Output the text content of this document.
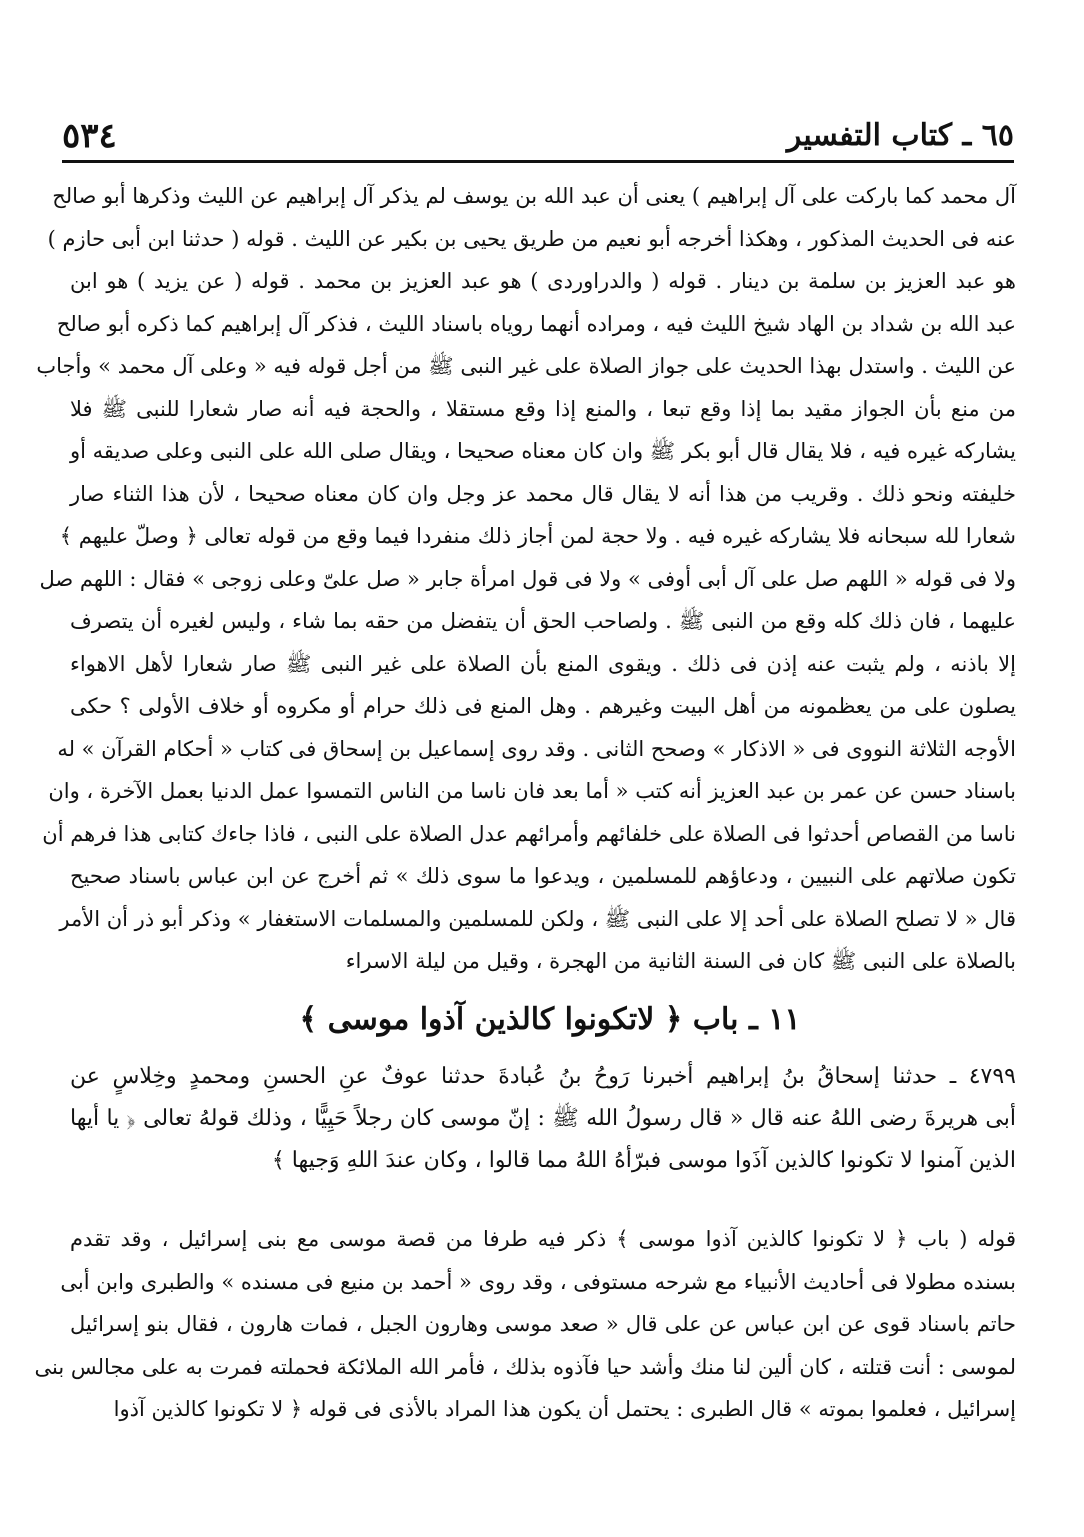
٥٣٤	٦٥ ـ كتاب التفسير
آل محمد كما باركت على آل إبراهيم ) يعنى أن عبد الله بن يوسف لم يذكر آل إبراهيم عن الليث وذكرها أبو صالح
عنه فى الحديث المذكور ، وهكذا أخرجه أبو نعيم من طريق يحيى بن بكير عن الليث . قوله ( حدثنا ابن أبى حازم )
هو عبد العزيز بن سلمة بن دينار . قوله ( والدراوردى ) هو عبد العزيز بن محمد . قوله ( عن يزيد ) هو ابن
عبد الله بن شداد بن الهاد شيخ الليث فيه ، ومراده أنهما روياه باسناد الليث ، فذكر آل إبراهيم كما ذكره أبو صالح
عن الليث . واستدل بهذا الحديث على جواز الصلاة على غير النبى ﷺ من أجل قوله فيه « وعلى آل محمد » وأجاب
من منع بأن الجواز مقيد بما إذا وقع تبعا ، والمنع إذا وقع مستقلا ، والحجة فيه أنه صار شعارا للنبى ﷺ فلا
يشاركه غيره فيه ، فلا يقال قال أبو بكر ﷺ وان كان معناه صحيحا ، ويقال صلى الله على النبى وعلى صديقه أو
خليفته ونحو ذلك . وقريب من هذا أنه لا يقال قال محمد عز وجل وان كان معناه صحيحا ، لأن هذا الثناء صار
شعارا لله سبحانه فلا يشاركه غيره فيه . ولا حجة لمن أجاز ذلك منفردا فيما وقع من قوله تعالى ﴿ وصلّ عليهم ﴾
ولا فى قوله « اللهم صل على آل أبى أوفى » ولا فى قول امرأة جابر « صل علىّ وعلى زوجى » فقال : اللهم صل
عليهما ، فان ذلك كله وقع من النبى ﷺ . ولصاحب الحق أن يتفضل من حقه بما شاء ، وليس لغيره أن يتصرف
إلا باذنه ، ولم يثبت عنه إذن فى ذلك . ويقوى المنع بأن الصلاة على غير النبى ﷺ صار شعارا لأهل الاهواء
يصلون على من يعظمونه من أهل البيت وغيرهم . وهل المنع فى ذلك حرام أو مكروه أو خلاف الأولى ؟ حكى
الأوجه الثلاثة النووى فى « الاذكار » وصحح الثانى . وقد روى إسماعيل بن إسحاق فى كتاب « أحكام القرآن » له
باسناد حسن عن عمر بن عبد العزيز أنه كتب « أما بعد فان ناسا من الناس التمسوا عمل الدنيا بعمل الآخرة ، وان
ناسا من القصاص أحدثوا فى الصلاة على خلفائهم وأمرائهم عدل الصلاة على النبى ، فاذا جاءك كتابى هذا فرهم أن
تكون صلاتهم على النبيين ، ودعاؤهم للمسلمين ، ويدعوا ما سوى ذلك » ثم أخرج عن ابن عباس باسناد صحيح
قال « لا تصلح الصلاة على أحد إلا على النبى ﷺ ، ولكن للمسلمين والمسلمات الاستغفار » وذكر أبو ذر أن الأمر
بالصلاة على النبى ﷺ كان فى السنة الثانية من الهجرة ، وقيل من ليلة الاسراء
٤٧٩٩ ـ حدثنا إسحاقُ بنُ إبراهيم أخبرنا رَوحُ بنُ عُبادةَ حدثنا عوفٌ عنِ الحسنِ ومحمدٍ وخِلاسٍ عن
أبى هريرةَ رضى اللهُ عنه قال « قال رسولُ الله ﷺ : إنّ موسى كان رجلاً حَيِيًّا ، وذلك قولهُ تعالى ﴿ يا أيها
الذين آمنوا لا تكونوا كالذين آذَوا موسى فبرّأهُ اللهُ مما قالوا ، وكان عندَ اللهِ وَجيها ﴾
قوله ( باب ﴿ لا تكونوا كالذين آذوا موسى ﴾ ذكر فيه طرفا من قصة موسى مع بنى إسرائيل ، وقد تقدم
بسنده مطولا فى أحاديث الأنبياء مع شرحه مستوفى ، وقد روى « أحمد بن منيع فى مسنده » والطبرى وابن أبى
حاتم باسناد قوى عن ابن عباس عن على قال « صعد موسى وهارون الجبل ، فمات هارون ، فقال بنو إسرائيل
لموسى : أنت قتلته ، كان ألين لنا منك وأشد حيا فآذوه بذلك ، فأمر الله الملائكة فحملته فمرت به على مجالس بنى
إسرائيل ، فعلموا بموته » قال الطبرى : يحتمل أن يكون هذا المراد بالأذى فى قوله ﴿ لا تكونوا كالذين آذوا
١١ ـ باب ﴿ لاتكونوا كالذين آذوا موسى ﴾
